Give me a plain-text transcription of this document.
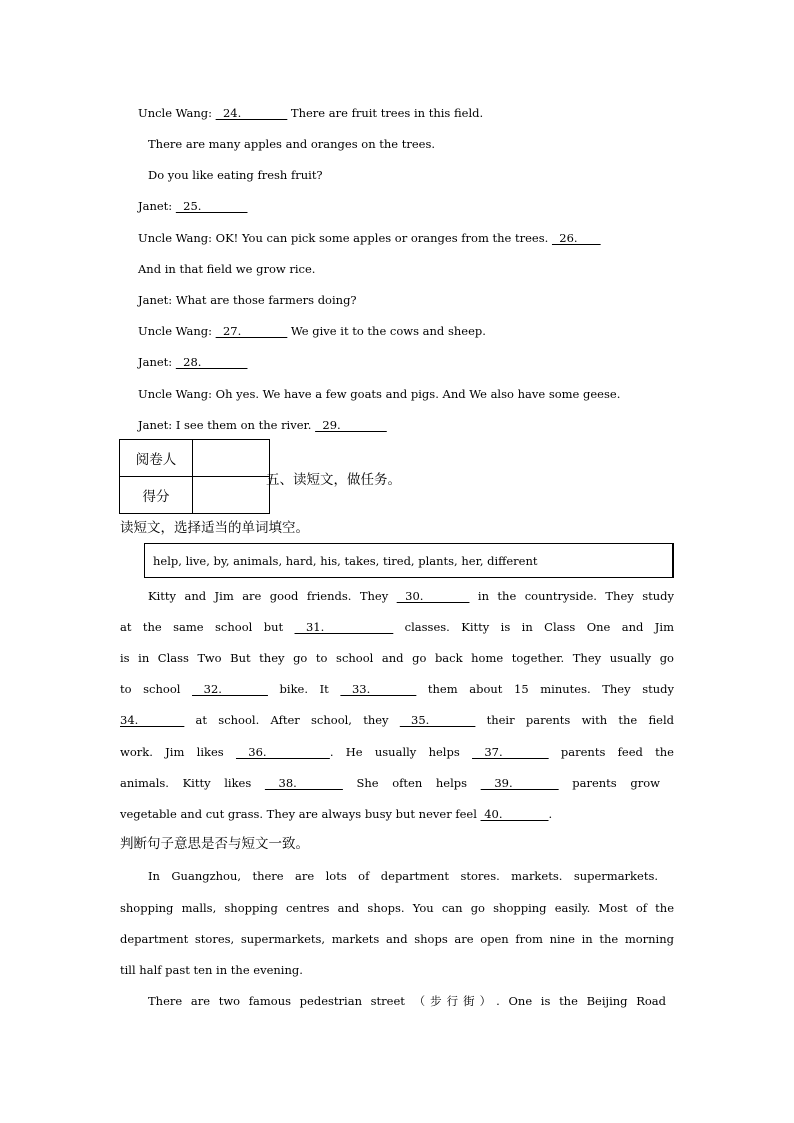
Uncle Wang:   24.________ There are fruit trees in this field.
There are many apples and oranges on the trees.
Do you like eating fresh fruit?
Janet:   25.________
Uncle Wang: OK! You can pick some apples or oranges from the trees.   26.____
And in that field we grow rice.
Janet: What are those farmers doing?
Uncle Wang:   27.________ We give it to the cows and sheep.
Janet:   28.________
Uncle Wang: Oh yes. We have a few goats and pigs. And We also have some geese.
Janet: I see them on the river.   29.________
阅卷人	
得分	
五、读短文，做任务。
读短文，选择适当的单词填空。
help, live, by, animals, hard, his, takes, tired, plants, her, different
Kitty and Jim are good friends. They  30.________ in the countryside. They study
at the same school but  31.____________ classes. Kitty is in Class One and Jim
is in Class Two But they go to school and go back home together. They usually go
to school  32.________ bike. It  33.________ them about 15 minutes. They study
34.________ at school. After school, they  35.________ their parents with the field
work. Jim likes  36.___________. He usually helps  37.________ parents feed the
animals. Kitty likes  38.________ She often helps  39.________ parents grow
vegetable and cut grass. They are always busy but never feel  40.________.
判断句子意思是否与短文一致。
In Guangzhou, there are lots of department stores. markets. supermarkets.
shopping malls, shopping centres and shops. You can go shopping easily. Most of the
department stores, supermarkets, markets and shops are open from nine in the morning
till half past ten in the evening.
There are two famous pedestrian street （步行街）. One is the Beijing Road
